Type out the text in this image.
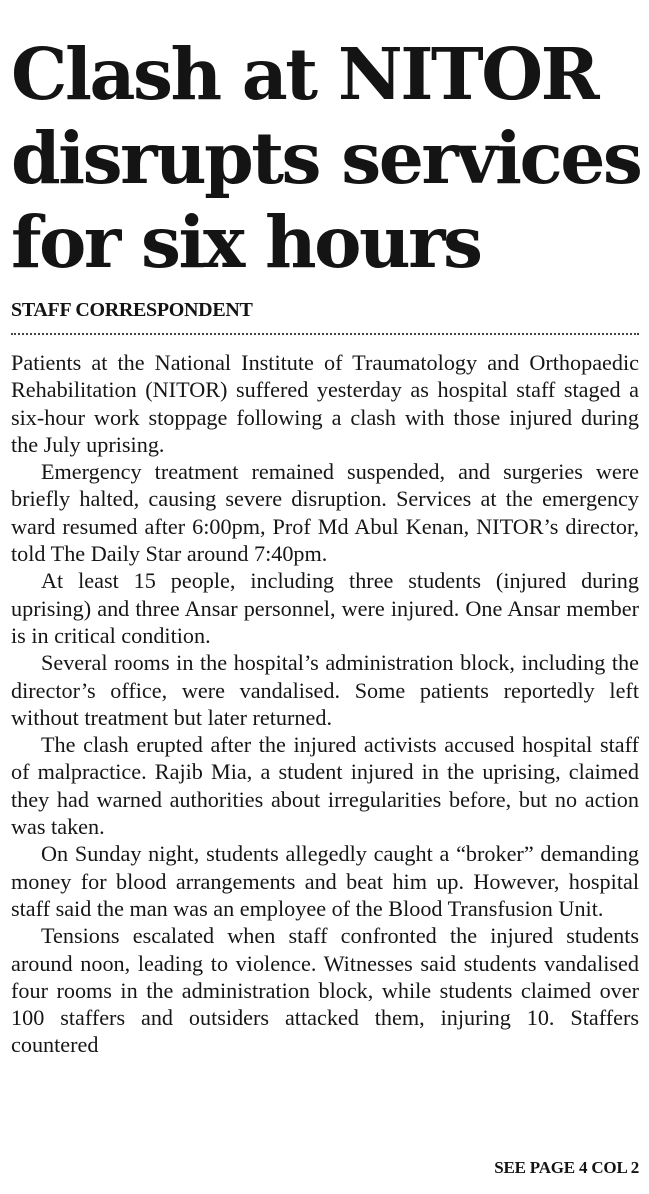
Clash at NITOR
disrupts services
for six hours
STAFF CORRESPONDENT

Patients at the National Institute of Traumatology and Orthopaedic Rehabilitation (NITOR) suffered yesterday as hospital staff staged a six-hour work stoppage following a clash with those injured during the July uprising.

Emergency treatment remained suspended, and surgeries were briefly halted, causing severe disruption. Services at the emergency ward resumed after 6:00pm, Prof Md Abul Kenan, NITOR’s director, told The Daily Star around 7:40pm.

At least 15 people, including three students (injured during uprising) and three Ansar personnel, were injured. One Ansar member is in critical condition.

Several rooms in the hospital’s administration block, including the director’s office, were vandalised. Some patients reportedly left without treatment but later returned.

The clash erupted after the injured activists accused hospital staff of malpractice. Rajib Mia, a student injured in the uprising, claimed they had warned authorities about irregularities before, but no action was taken.

On Sunday night, students allegedly caught a “broker” demanding money for blood arrangements and beat him up. However, hospital staff said the man was an employee of the Blood Transfusion Unit.

Tensions escalated when staff confronted the injured students around noon, leading to violence. Witnesses said students vandalised four rooms in the administration block, while students claimed over 100 staffers and outsiders attacked them, injuring 10. Staffers countered

SEE PAGE 4 COL 2
